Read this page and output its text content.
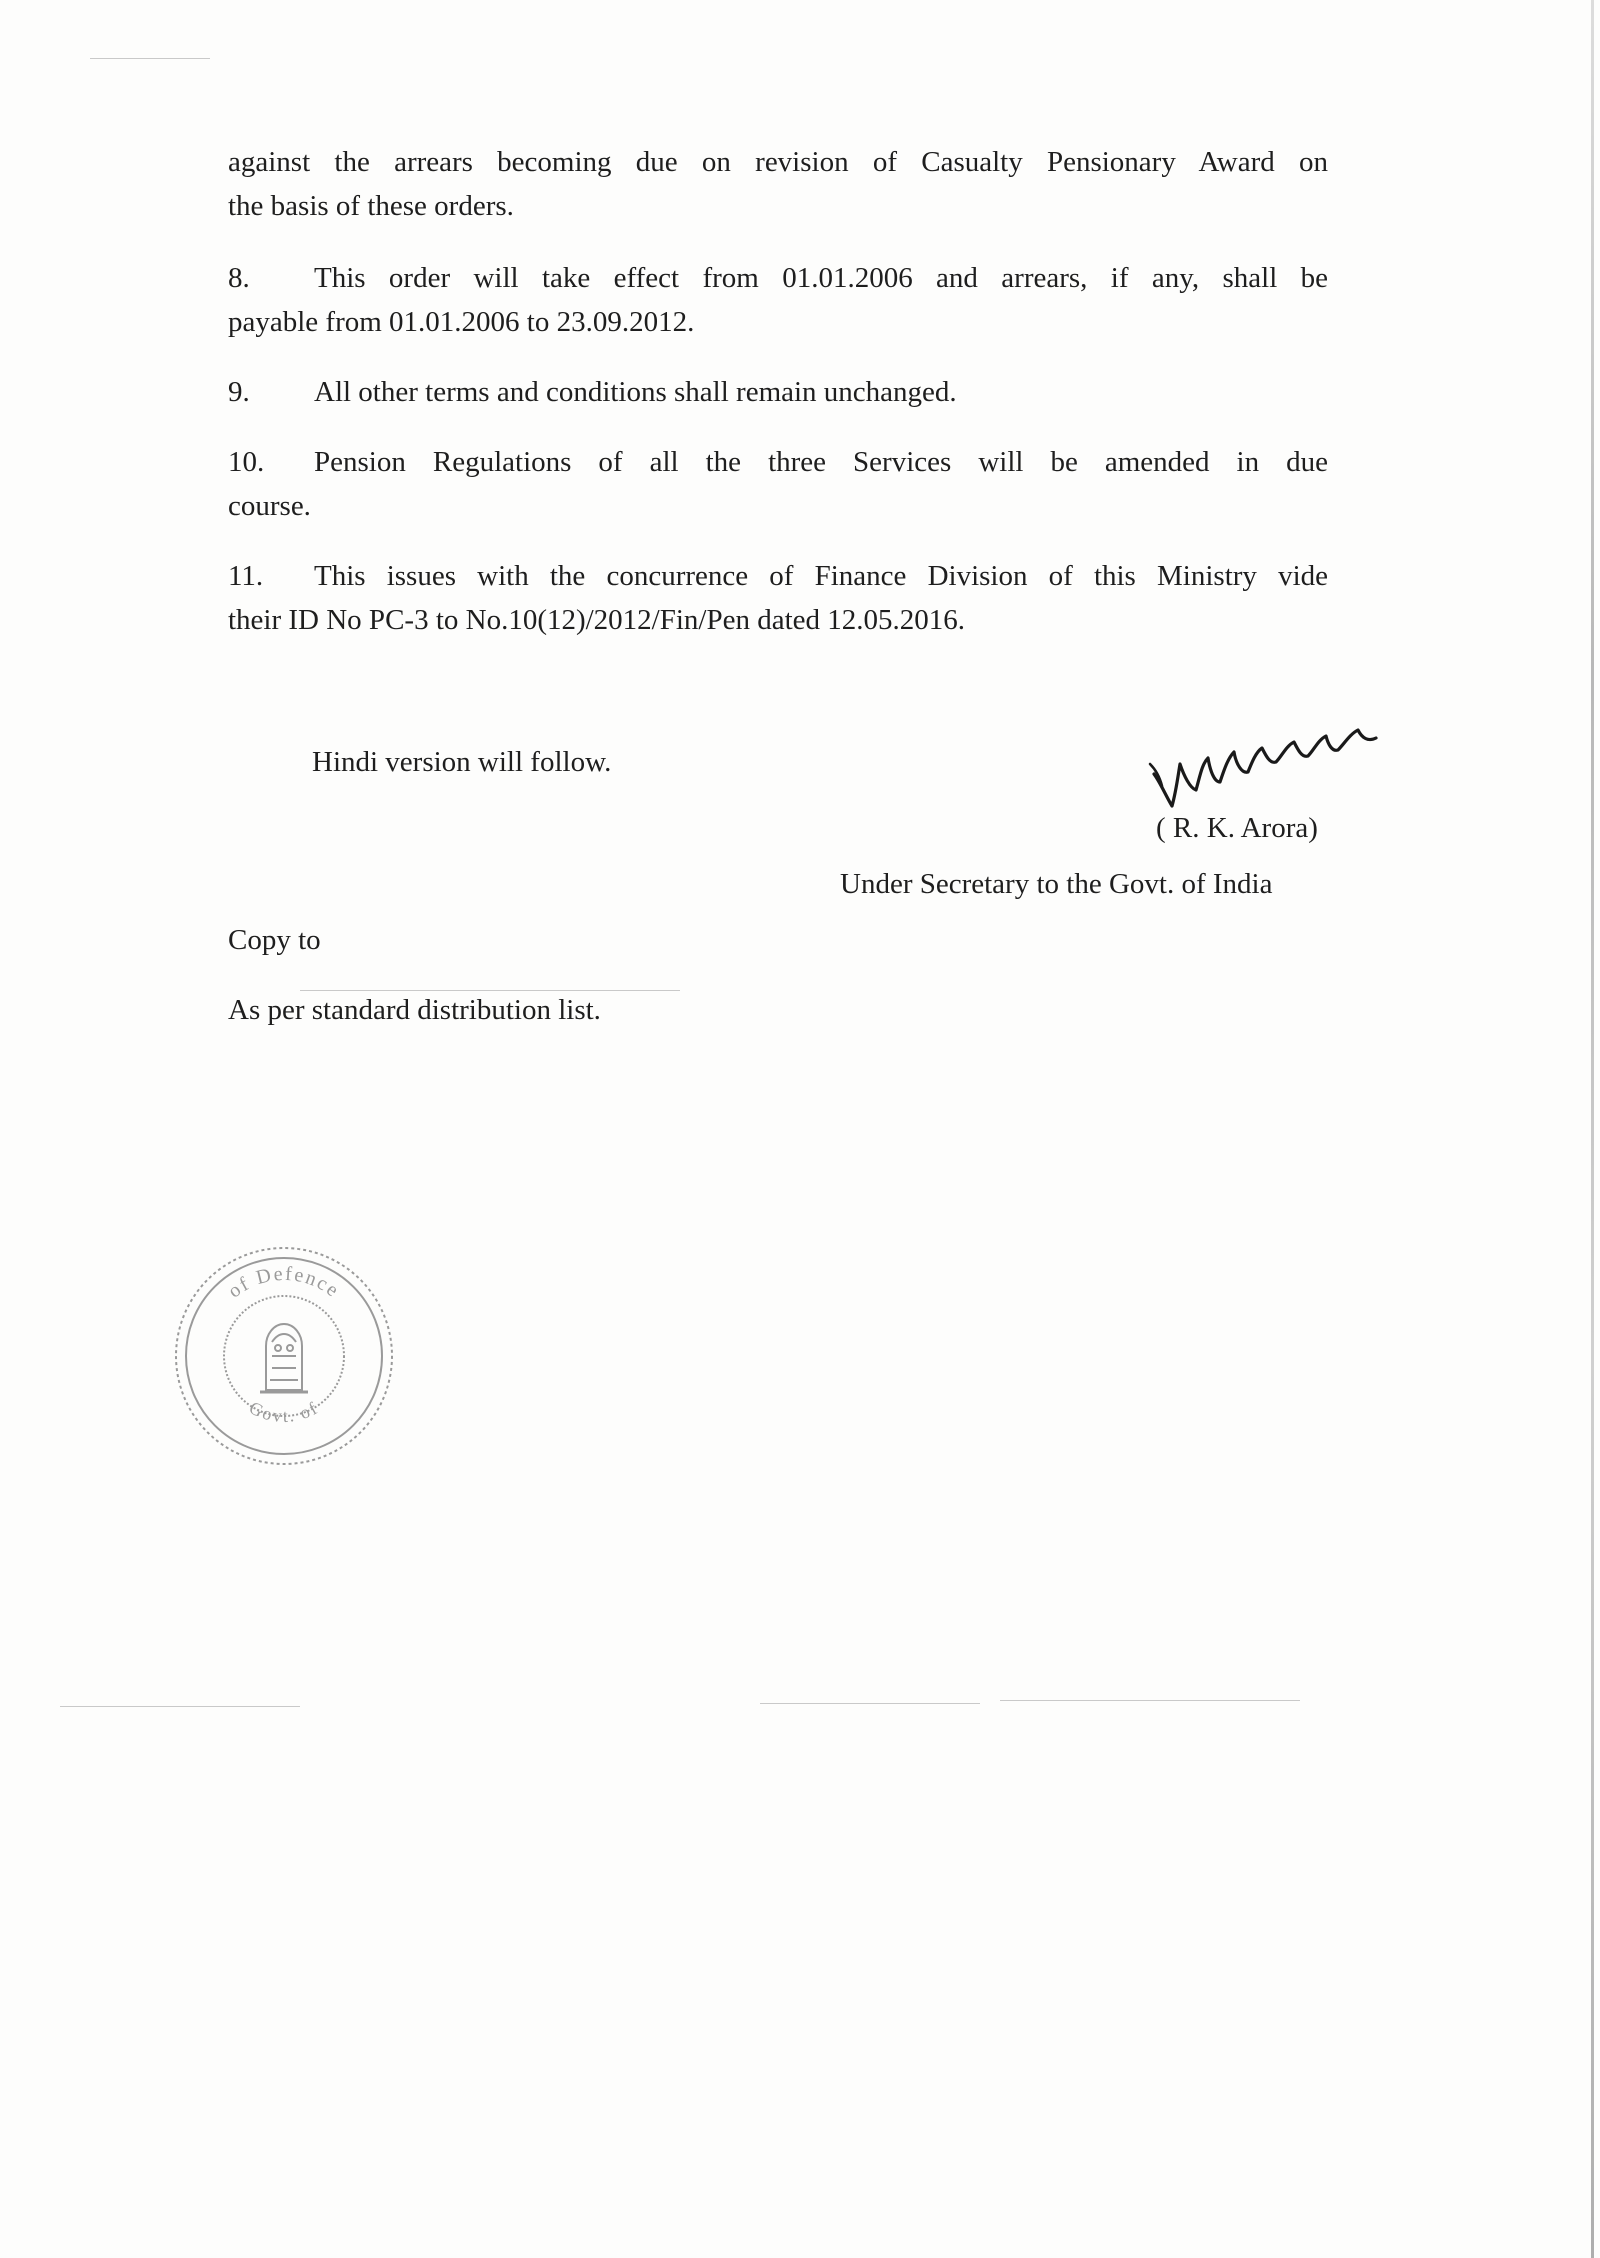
against the arrears becoming due on revision of Casualty Pensionary Award on
the basis of these orders.
8. This order will take effect from 01.01.2006 and arrears, if any, shall be
payable from 01.01.2006 to 23.09.2012.
9. All other terms and conditions shall remain unchanged.
10. Pension Regulations of all the three Services will be amended in due
course.
11. This issues with the concurrence of Finance Division of this Ministry vide
their ID No PC-3 to No.10(12)/2012/Fin/Pen dated 12.05.2016.
Hindi version will follow.
( R. K. Arora)
Under Secretary to the Govt. of India
Copy to
As per standard distribution list.
of Defence
Govt. of
